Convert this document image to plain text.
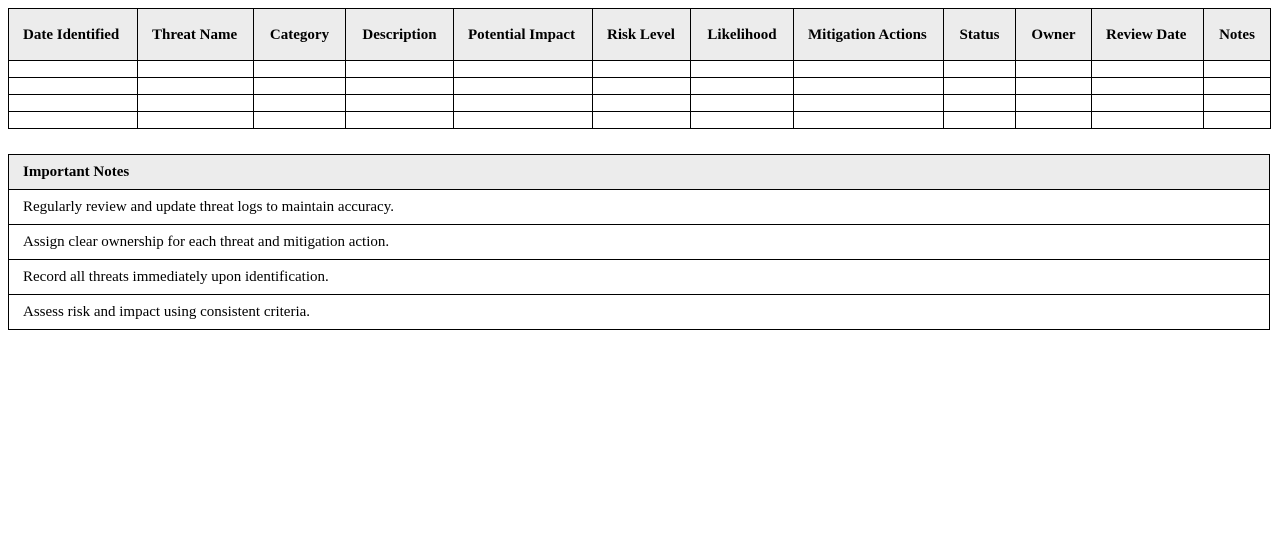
Date Identified	Threat Name	Category	Description	Potential Impact	Risk Level	Likelihood	Mitigation Actions	Status	Owner	Review Date	Notes

Important Notes
Regularly review and update threat logs to maintain accuracy.
Assign clear ownership for each threat and mitigation action.
Record all threats immediately upon identification.
Assess risk and impact using consistent criteria.
